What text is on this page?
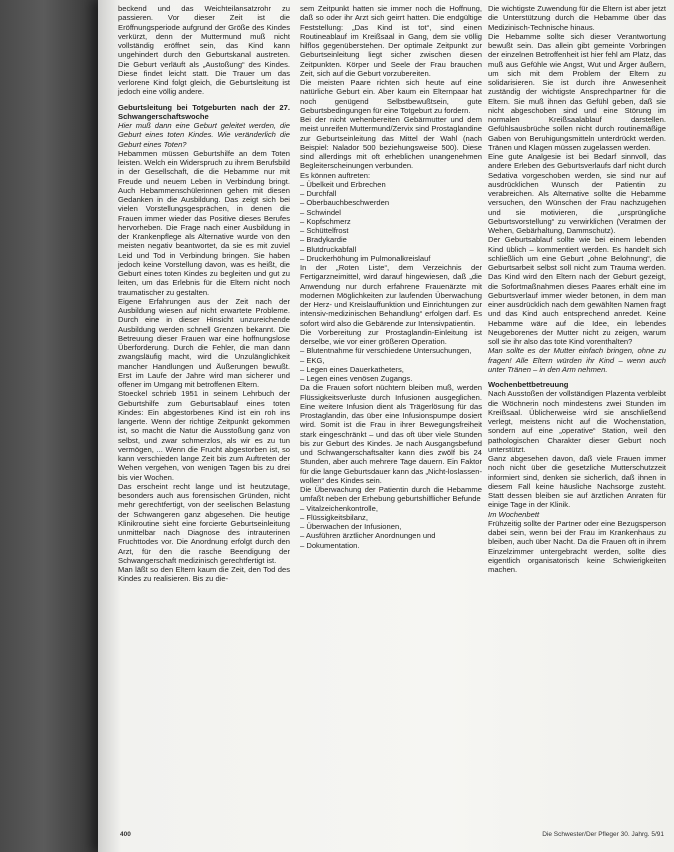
beckend und das Weichteilansatzrohr zu passieren. Vor dieser Zeit ist die Eröffnungsperiode aufgrund der Größe des Kindes verkürzt, denn der Muttermund muß nicht vollständig eröffnet sein, das Kind kann ungehindert durch den Geburtskanal austreten. Die Geburt verläuft als „Austoßung“ des Kindes. Diese findet leicht statt. Die Trauer um das verlorene Kind folgt gleich, die Geburtsleitung ist jedoch eine völlig andere.

Geburtsleitung bei Totgeburten nach der 27. Schwangerschaftswoche

Hier muß dann eine Geburt geleitet werden, die Geburt eines toten Kindes. Wie veränderlich die Geburt eines Toten?

Hebammen müssen Geburtshilfe an dem Toten leisten. Welch ein Widerspruch zu ihrem Berufsbild in der Gesellschaft, die die Hebamme nur mit Freude und neuem Leben in Verbindung bringt. Auch Hebammenschülerinnen gehen mit diesen Gedanken in die Ausbildung. Das zeigt sich bei vielen Vorstellungsgesprächen, in denen die Frauen immer wieder das Positive dieses Berufes hervorheben. Die Frage nach einer Ausbildung in der Krankenpflege als Alternative wurde von den meisten negativ beantwortet, da sie es mit zuviel Leid und Tod in Verbindung bringen. Sie haben jedoch keine Vorstellung davon, was es heißt, die Geburt eines toten Kindes zu begleiten und gut zu leiten, um das Erlebnis für die Eltern nicht noch traumatischer zu gestalten.

Eigene Erfahrungen aus der Zeit nach der Ausbildung wiesen auf nicht erwartete Probleme. Durch eine in dieser Hinsicht unzureichende Ausbildung werden schnell Grenzen bekannt. Die Betreuung dieser Frauen war eine hoffnungslose Überforderung. Durch die Fehler, die man dann zwangsläufig macht, wird die Unzulänglichkeit mancher Handlungen und Äußerungen bewußt. Erst im Laufe der Jahre wird man sicherer und offener im Umgang mit betroffenen Eltern.

Stoeckel schrieb 1951 in seinem Lehrbuch der Geburtshilfe zum Geburtsablauf eines toten Kindes: Ein abgestorbenes Kind ist ein roh ins langerte. Wenn der richtige Zeitpunkt gekommen ist, so macht die Natur die Ausstoßung ganz von selbst, und zwar schmerzlos, als wir es zu tun vermögen, ... Wenn die Frucht abgestorben ist, so kann verschieden lange Zeit bis zum Auftreten der Wehen vergehen, von wenigen Tagen bis zu drei bis vier Wochen.

Das erscheint recht lange und ist heutzutage, besonders auch aus forensischen Gründen, nicht mehr gerechtfertigt, von der seelischen Belastung der Schwangeren ganz abgesehen. Die heutige Klinikroutine sieht eine forcierte Geburtseinleitung unmittelbar nach Diagnose des intrauterinen Fruchttodes vor. Die Anordnung erfolgt durch den Arzt, für den die rasche Beendigung der Schwangerschaft medizinisch gerechtfertigt ist.

Man läßt so den Eltern kaum die Zeit, den Tod des Kindes zu realisieren. Bis zu die-

sem Zeitpunkt hatten sie immer noch die Hoffnung, daß so oder ihr Arzt sich geirrt hatten. Die endgültige Feststellung: „Das Kind ist tot“, sind einen Routineablauf im Kreißsaal in Gang, dem sie völlig hilflos gegenüberstehen. Der optimale Zeitpunkt zur Geburtseinleitung liegt sicher zwischen diesen Zeitpunkten. Körper und Seele der Frau brauchen Zeit, sich auf die Geburt vorzubereiten.

Die meisten Paare richten sich heute auf eine natürliche Geburt ein. Aber kaum ein Elternpaar hat noch genügend Selbstbewußtsein, gute Geburtsbedingungen für eine Totgeburt zu fordern.

Bei der nicht wehenbereiten Gebärmutter und dem meist unreifen Muttermund/Zervix sind Prostaglandine zur Geburtseinleitung das Mittel der Wahl (nach Beispiel: Nalador 500 beziehungsweise 500). Diese sind allerdings mit oft erheblichen unangenehmen Begleiterscheinungen verbunden.

Es können auftreten:

– Übelkeit und Erbrechen
– Durchfall
– Oberbauchbeschwerden
– Schwindel
– Kopfschmerz
– Schüttelfrost
– Bradykardie
– Blutdruckabfall
– Druckerhöhung im Pulmonalkreislauf

In der „Roten Liste“, dem Verzeichnis der Fertigarzneimittel, wird darauf hingewiesen, daß „die Anwendung nur durch erfahrene Frauenärzte mit modernen Möglichkeiten zur laufenden Überwachung der Herz- und Kreislauffunktion und Einrichtungen zur intensiv-medizinischen Behandlung“ erfolgen darf. Es sofort wird also die Gebärende zur Intensivpatientin.

Die Vorbereitung zur Prostaglandin-Einleitung ist derselbe, wie vor einer größeren Operation.

– Blutentnahme für verschiedene Untersuchungen,
– EKG,
– Legen eines Dauerkatheters,
– Legen eines venösen Zugangs.

Da die Frauen sofort nüchtern bleiben muß, werden Flüssigkeitsverluste durch Infusionen ausgeglichen. Eine weitere Infusion dient als Trägerlösung für das Prostaglandin, das über eine Infusionspumpe dosiert wird. Somit ist die Frau in ihrer Bewegungsfreiheit stark eingeschränkt – und das oft über viele Stunden bis zur Geburt des Kindes. Je nach Ausgangsbefund und Schwangerschaftsalter kann dies zwölf bis 24 Stunden, aber auch mehrere Tage dauern. Ein Faktor für die lange Geburtsdauer kann das „Nicht-loslassen-wollen“ des Kindes sein.

Die Überwachung der Patientin durch die Hebamme umfaßt neben der Erhebung geburtshilflicher Befunde

– Vitalzeichenkontrolle,
– Flüssigkeitsbilanz,
– Überwachen der Infusionen,
– Ausführen ärztlicher Anordnungen und
– Dokumentation.

Die wichtigste Zuwendung für die Eltern ist aber jetzt die Unterstützung durch die Hebamme über das Medizinisch-Technische hinaus.

Die Hebamme sollte sich dieser Verantwortung bewußt sein. Das allein gibt gemeinte Vorbringen der einzelnen Betroffenheit ist hier fehl am Platz, das muß aus Gefühle wie Angst, Wut und Ärger äußern, um sich mit dem Problem der Eltern zu solidarisieren. Sie ist durch ihre Anwesenheit zuständig der wichtigste Ansprechpartner für die Eltern. Sie muß ihnen das Gefühl geben, daß sie nicht abgeschoben sind und eine Störung im normalen Kreißsaalablauf darstellen. Gefühlsausbrüche sollen nicht durch routinemäßige Gaben von Beruhigungsmitteln unterdrückt werden. Tränen und Klagen müssen zugelassen werden.

Eine gute Analgesie ist bei Bedarf sinnvoll, das andere Erleben des Geburtsverlaufs darf nicht durch Sedativa vorgeschoben werden, sie sind nur auf ausdrücklichen Wunsch der Patientin zu verabreichen. Als Alternative sollte die Hebamme versuchen, den Wünschen der Frau nachzugehen und sie motivieren, die „ursprüngliche Geburtsvorstellung“ zu verwirklichen (Veratmen der Wehen, Gebärhaltung, Dammschutz).

Der Geburtsablauf sollte wie bei einem lebenden Kind üblich – kommentiert werden. Es handelt sich schließlich um eine Geburt „ohne Belohnung“, die Geburtsarbeit selbst soll nicht zum Trauma werden. Das Kind wird den Eltern nach der Geburt gezeigt, die Sofortmaßnahmen dieses Paares erhält eine im Geburtsverlauf immer wieder betonen, in dem man einer ausdrücklich nach dem gewählten Namen fragt und das Kind auch entsprechend anredet. Keine Hebamme wäre auf die Idee, ein lebendes Neugeborenes der Mutter nicht zu zeigen, warum soll sie ihr also das tote Kind vorenthalten?

Man sollte es der Mutter einfach bringen, ohne zu fragen! Alle Eltern würden ihr Kind – wenn auch unter Tränen – in den Arm nehmen.

Wochenbettbetreuung

Nach Ausstoßen der vollständigen Plazenta verbleibt die Wöchnerin noch mindestens zwei Stunden im Kreißsaal. Üblicherweise wird sie anschließend verlegt, meistens nicht auf die Wochenstation, sondern auf eine „operative“ Station, weil den pathologischen Charakter dieser Geburt noch unterstützt.

Ganz abgesehen davon, daß viele Frauen immer noch nicht über die gesetzliche Mutterschutzzeit informiert sind, denken sie sicherlich, daß ihnen in diesem Fall keine häusliche Nachsorge zusteht. Statt dessen bleiben sie auf ärztlichen Anraten für einige Tage in der Klinik.

Im Wochenbett

Frühzeitig sollte der Partner oder eine Bezugsperson dabei sein, wenn bei der Frau im Krankenhaus zu bleiben, auch über Nacht. Da die Frauen oft in ihrem Einzelzimmer untergebracht werden, sollte dies eigentlich organisatorisch keine Schwierigkeiten machen.

400	Die Schwester/Der Pfleger 30. Jahrg. 5/91
